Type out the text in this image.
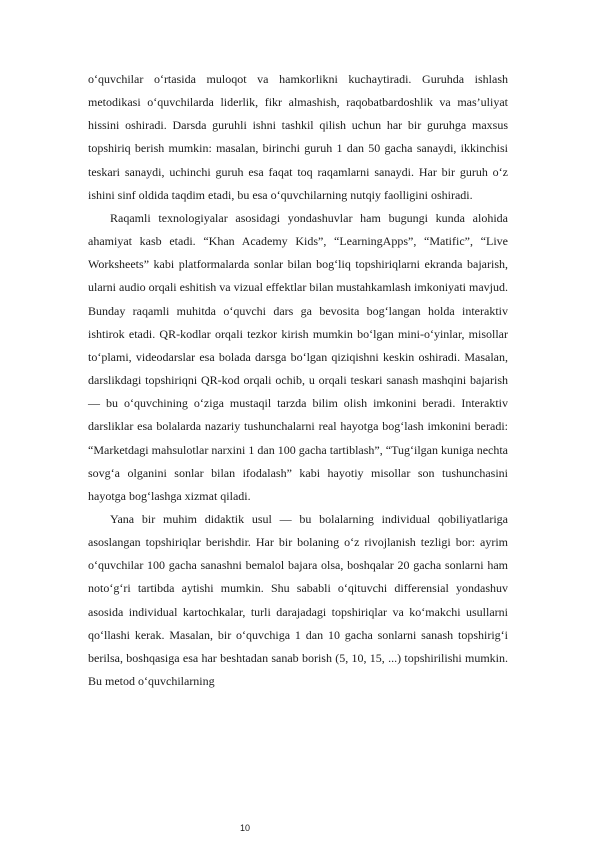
o‘quvchilar o‘rtasida muloqot va hamkorlikni kuchaytiradi. Guruhda ishlash metodikasi o‘quvchilarda liderlik, fikr almashish, raqobatbardoshlik va mas’uliyat hissini oshiradi. Darsda guruhli ishni tashkil qilish uchun har bir guruhga maxsus topshiriq berish mumkin: masalan, birinchi guruh 1 dan 50 gacha sanaydi, ikkinchisi teskari sanaydi, uchinchi guruh esa faqat toq raqamlarni sanaydi. Har bir guruh o‘z ishini sinf oldida taqdim etadi, bu esa o‘quvchilarning nutqiy faolligini oshiradi.

Raqamli texnologiyalar asosidagi yondashuvlar ham bugungi kunda alohida ahamiyat kasb etadi. “Khan Academy Kids”, “LearningApps”, “Matific”, “Live Worksheets” kabi platformalarda sonlar bilan bog‘liq topshiriqlarni ekranda bajarish, ularni audio orqali eshitish va vizual effektlar bilan mustahkamlash imkoniyati mavjud. Bunday raqamli muhitda o‘quvchi dars ga bevosita bog‘langan holda interaktiv ishtirok etadi. QR-kodlar orqali tezkor kirish mumkin bo‘lgan mini-o‘yinlar, misollar to‘plami, videodarslar esa bolada darsga bo‘lgan qiziqishni keskin oshiradi. Masalan, darslikdagi topshiriqni QR-kod orqali ochib, u orqali teskari sanash mashqini bajarish — bu o‘quvchining o‘ziga mustaqil tarzda bilim olish imkonini beradi. Interaktiv darsliklar esa bolalarda nazariy tushunchalarni real hayotga bog‘lash imkonini beradi: “Marketdagi mahsulotlar narxini 1 dan 100 gacha tartiblash”, “Tug‘ilgan kuniga nechta sovg‘a olganini sonlar bilan ifodalash” kabi hayotiy misollar son tushunchasini hayotga bog‘lashga xizmat qiladi.

Yana bir muhim didaktik usul — bu bolalarning individual qobiliyatlariga asoslangan topshiriqlar berishdir. Har bir bolaning o‘z rivojlanish tezligi bor: ayrim o‘quvchilar 100 gacha sanashni bemalol bajara olsa, boshqalar 20 gacha sonlarni ham noto‘g‘ri tartibda aytishi mumkin. Shu sababli o‘qituvchi differensial yondashuv asosida individual kartochkalar, turli darajadagi topshiriqlar va ko‘makchi usullarni qo‘llashi kerak. Masalan, bir o‘quvchiga 1 dan 10 gacha sonlarni sanash topshirig‘i berilsa, boshqasiga esa har beshtadan sanab borish (5, 10, 15, ...) topshirilishi mumkin. Bu metod o‘quvchilarning

10
